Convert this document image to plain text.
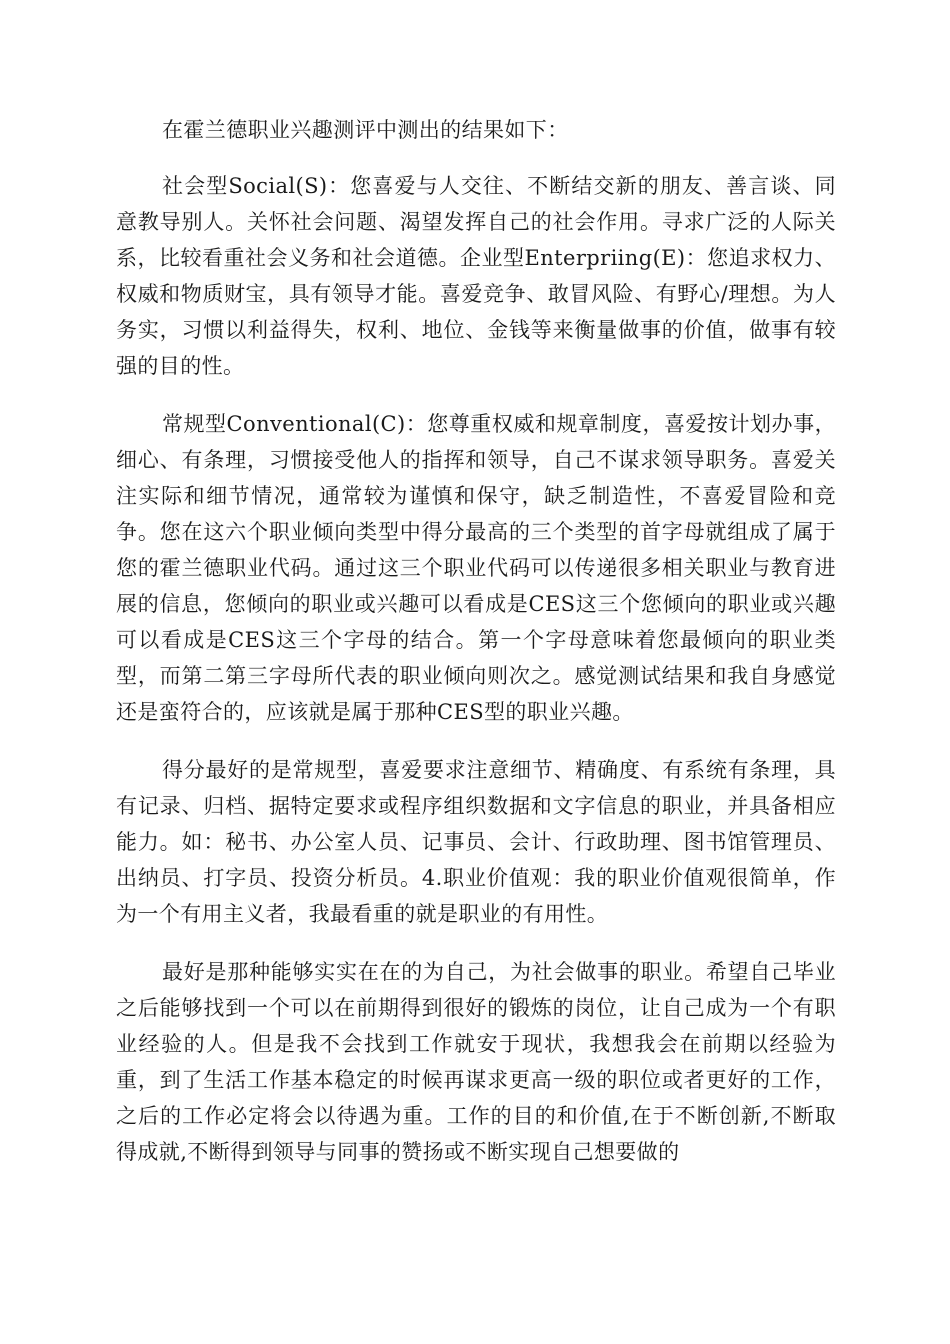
在霍兰德职业兴趣测评中测出的结果如下：

社会型Social(S)：您喜爱与人交往、不断结交新的朋友、善言谈、同意教导别人。关怀社会问题、渴望发挥自己的社会作用。寻求广泛的人际关系，比较看重社会义务和社会道德。企业型Enterpriing(E)：您追求权力、权威和物质财宝，具有领导才能。喜爱竞争、敢冒风险、有野心/理想。为人务实，习惯以利益得失，权利、地位、金钱等来衡量做事的价值，做事有较强的目的性。

常规型Conventional(C)：您尊重权威和规章制度，喜爱按计划办事，细心、有条理，习惯接受他人的指挥和领导，自己不谋求领导职务。喜爱关注实际和细节情况，通常较为谨慎和保守，缺乏制造性，不喜爱冒险和竞争。您在这六个职业倾向类型中得分最高的三个类型的首字母就组成了属于您的霍兰德职业代码。通过这三个职业代码可以传递很多相关职业与教育进展的信息，您倾向的职业或兴趣可以看成是CES这三个您倾向的职业或兴趣可以看成是CES这三个字母的结合。第一个字母意味着您最倾向的职业类型，而第二第三字母所代表的职业倾向则次之。感觉测试结果和我自身感觉还是蛮符合的，应该就是属于那种CES型的职业兴趣。

得分最好的是常规型，喜爱要求注意细节、精确度、有系统有条理，具有记录、归档、据特定要求或程序组织数据和文字信息的职业，并具备相应能力。如：秘书、办公室人员、记事员、会计、行政助理、图书馆管理员、出纳员、打字员、投资分析员。4.职业价值观：我的职业价值观很简单，作为一个有用主义者，我最看重的就是职业的有用性。

最好是那种能够实实在在的为自己，为社会做事的职业。希望自己毕业之后能够找到一个可以在前期得到很好的锻炼的岗位，让自己成为一个有职业经验的人。但是我不会找到工作就安于现状，我想我会在前期以经验为重，到了生活工作基本稳定的时候再谋求更高一级的职位或者更好的工作，之后的工作必定将会以待遇为重。工作的目的和价值,在于不断创新,不断取得成就,不断得到领导与同事的赞扬或不断实现自己想要做的
